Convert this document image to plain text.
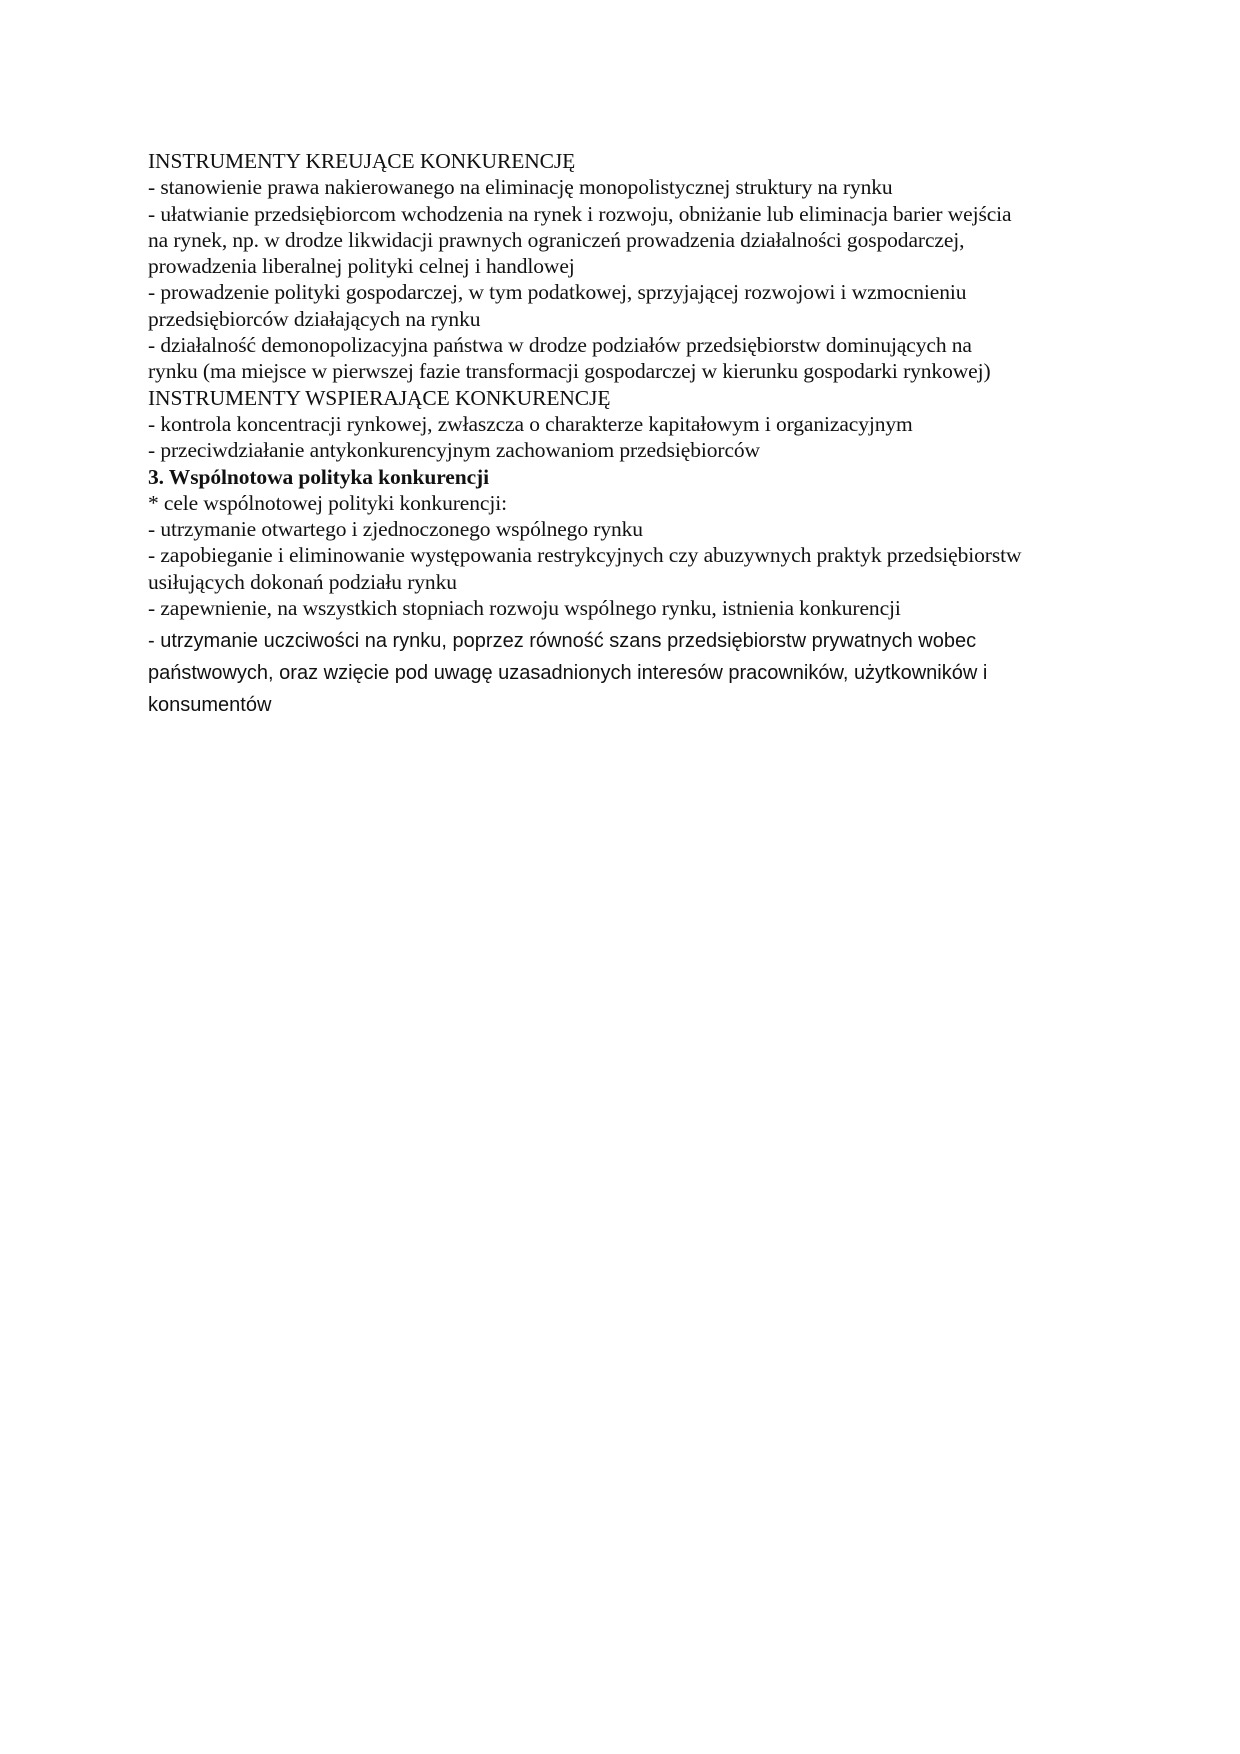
INSTRUMENTY KREUJĄCE KONKURENCJĘ
- stanowienie prawa nakierowanego na eliminację monopolistycznej struktury na rynku
- ułatwianie przedsiębiorcom wchodzenia na rynek i rozwoju, obniżanie lub eliminacja barier wejścia
na rynek, np. w drodze likwidacji prawnych ograniczeń prowadzenia działalności gospodarczej,
prowadzenia liberalnej polityki celnej i handlowej
- prowadzenie polityki gospodarczej, w tym podatkowej, sprzyjającej rozwojowi i wzmocnieniu
przedsiębiorców działających na rynku
- działalność demonopolizacyjna państwa w drodze podziałów przedsiębiorstw dominujących na
rynku (ma miejsce w pierwszej fazie transformacji gospodarczej w kierunku gospodarki rynkowej)
INSTRUMENTY WSPIERAJĄCE KONKURENCJĘ
- kontrola koncentracji rynkowej, zwłaszcza o charakterze kapitałowym i organizacyjnym
- przeciwdziałanie antykonkurencyjnym zachowaniom przedsiębiorców
3. Wspólnotowa polityka konkurencji
* cele wspólnotowej polityki konkurencji:
- utrzymanie otwartego i zjednoczonego wspólnego rynku
- zapobieganie i eliminowanie występowania restrykcyjnych czy abuzywnych praktyk przedsiębiorstw
usiłujących dokonań podziału rynku
- zapewnienie, na wszystkich stopniach rozwoju wspólnego rynku, istnienia konkurencji
- utrzymanie uczciwości na rynku, poprzez równość szans przedsiębiorstw prywatnych wobec
państwowych, oraz wzięcie pod uwagę uzasadnionych interesów pracowników, użytkowników i
konsumentów
